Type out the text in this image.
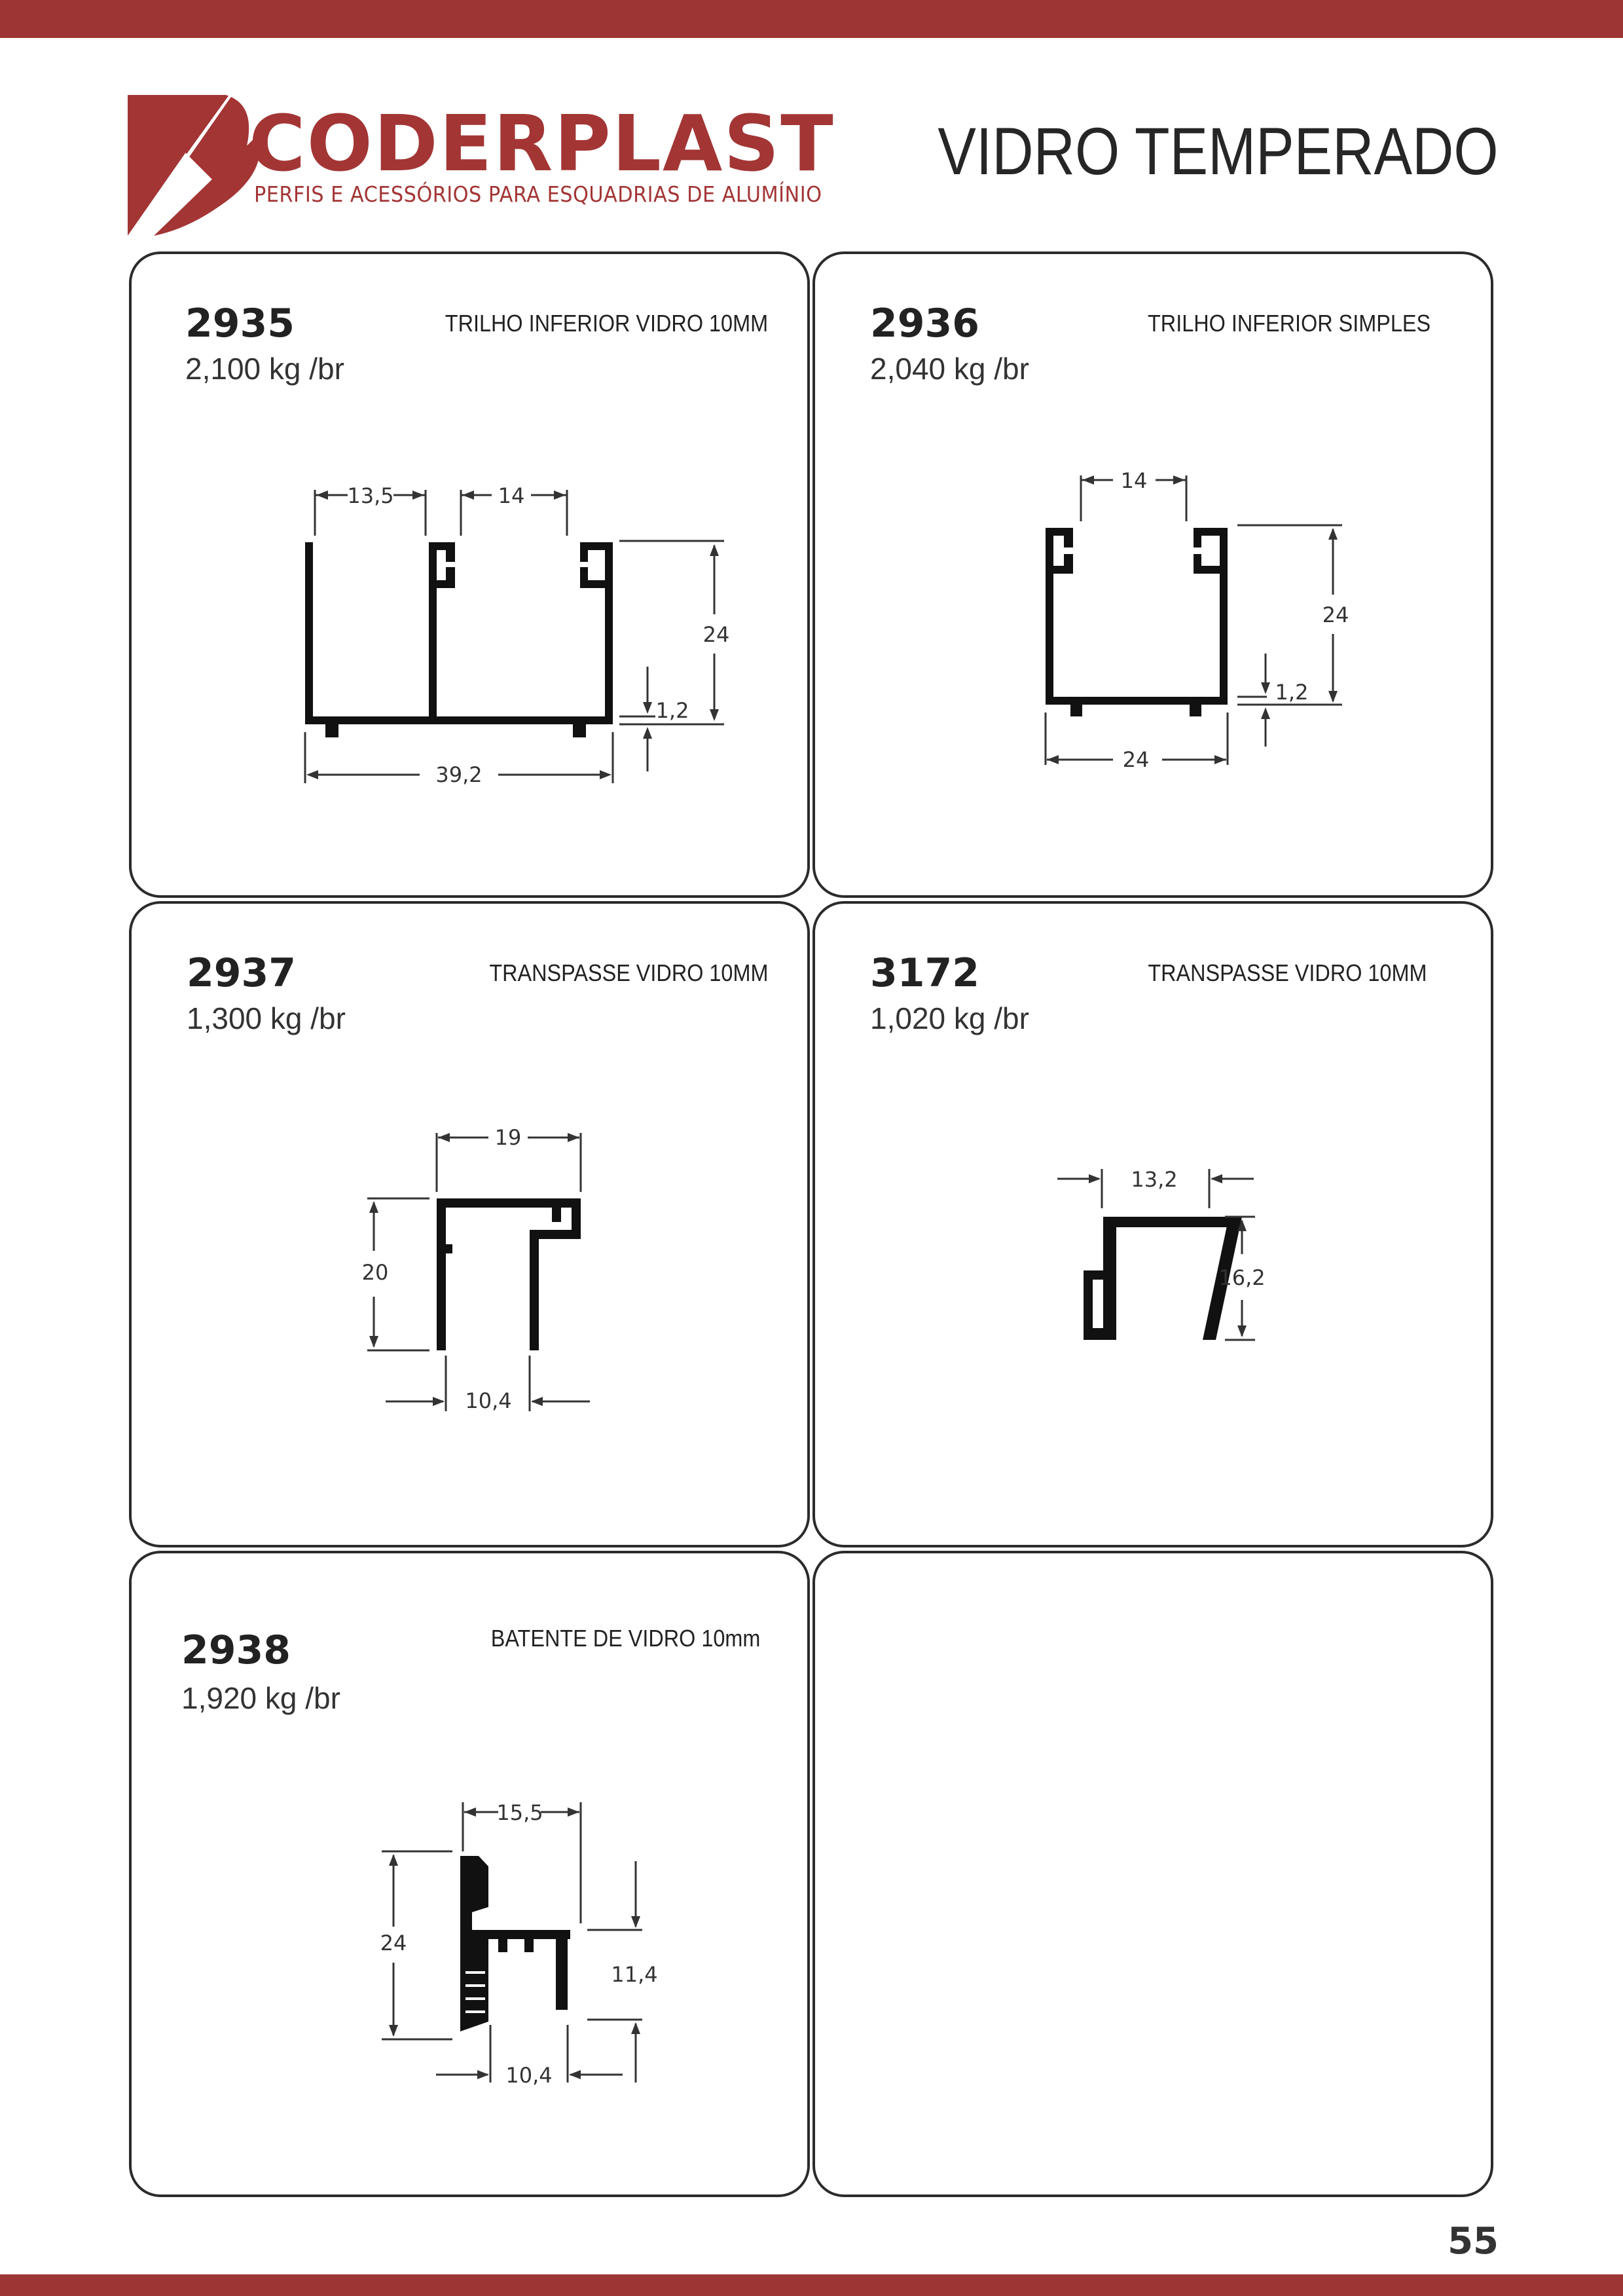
CODERPLAST
PERFIS E ACESSÓRIOS PARA ESQUADRIAS DE ALUMÍNIO
VIDRO TEMPERADO
2935
2,100 kg /br
TRILHO INFERIOR VIDRO 10MM
13,5	14
24
1,2
39,2
2936
2,040 kg /br
TRILHO INFERIOR SIMPLES
14
24
1,2
24
2937
1,300 kg /br
TRANSPASSE VIDRO 10MM
19
20
10,4
3172
1,020 kg /br
TRANSPASSE VIDRO 10MM
13,2
16,2
2938
1,920 kg /br
BATENTE DE VIDRO 10mm
15,5
24
11,4
10,4
55
